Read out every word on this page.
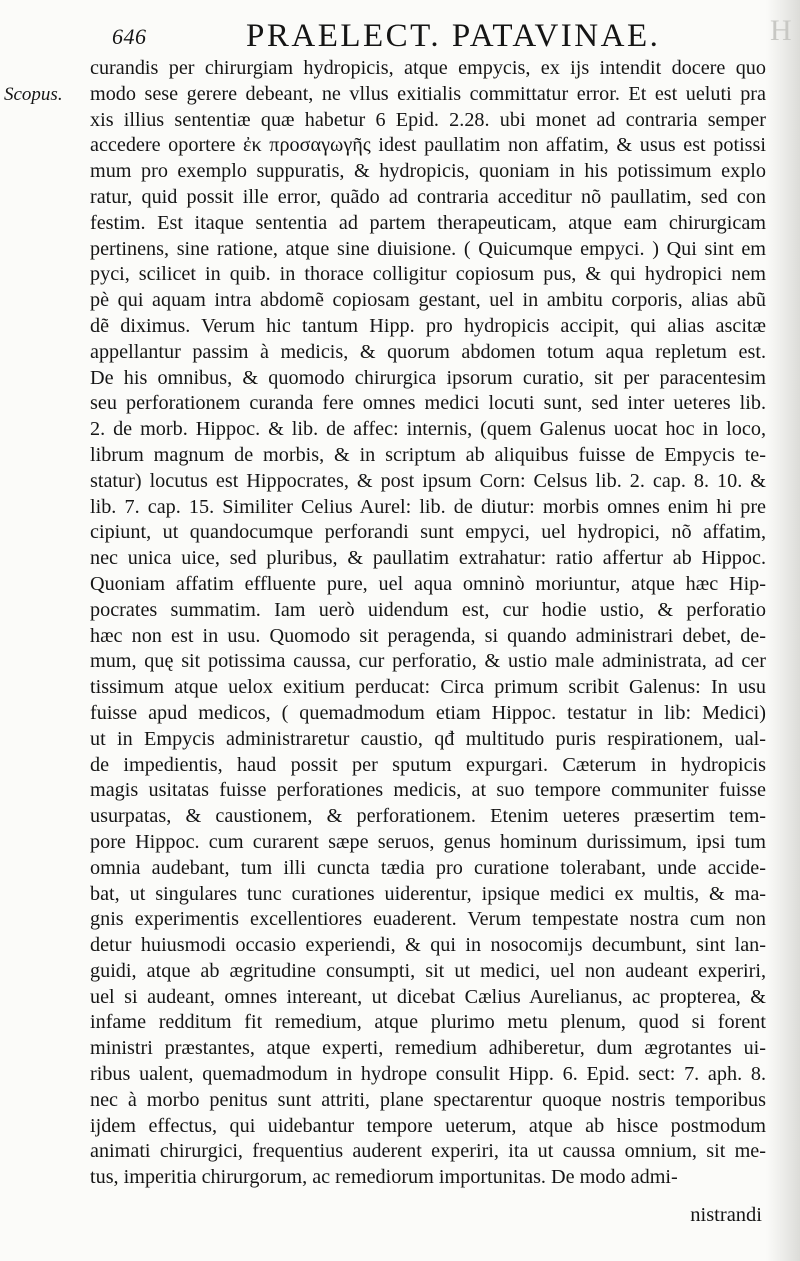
H
646	PRAELECT. PATAVINAE.
Scopus.
curandis per chirurgiam hydropicis, atque empycis, ex ijs intendit docere quo
modo sese gerere debeant, ne vllus exitialis committatur error. Et est ueluti pra
xis illius sententiæ quæ habetur 6 Epid. 2.28. ubi monet ad contraria semper
accedere oportere ἐκ προσαγωγῆς idest paullatim non affatim, & usus est potissi
mum pro exemplo suppuratis, & hydropicis, quoniam in his potissimum explo
ratur, quid possit ille error, quãdo ad contraria acceditur nõ paullatim, sed con
festim. Est itaque sententia ad partem therapeuticam, atque eam chirurgicam
pertinens, sine ratione, atque sine diuisione. ( Quicumque empyci. ) Qui sint em
pyci, scilicet in quib. in thorace colligitur copiosum pus, & qui hydropici nem
pè qui aquam intra abdomẽ copiosam gestant, uel in ambitu corporis, alias abũ
dẽ diximus. Verum hic tantum Hipp. pro hydropicis accipit, qui alias ascitæ
appellantur passim à medicis, & quorum abdomen totum aqua repletum est.
De his omnibus, & quomodo chirurgica ipsorum curatio, sit per paracentesim
seu perforationem curanda fere omnes medici locuti sunt, sed inter ueteres lib.
2. de morb. Hippoc. & lib. de affec: internis, (quem Galenus uocat hoc in loco,
librum magnum de morbis, & in scriptum ab aliquibus fuisse de Empycis te-
statur) locutus est Hippocrates, & post ipsum Corn: Celsus lib. 2. cap. 8. 10. &
lib. 7. cap. 15. Similiter Celius Aurel: lib. de diutur: morbis omnes enim hi pre
cipiunt, ut quandocumque perforandi sunt empyci, uel hydropici, nõ affatim,
nec unica uice, sed pluribus, & paullatim extrahatur: ratio affertur ab Hippoc.
Quoniam affatim effluente pure, uel aqua omninò moriuntur, atque hæc Hip-
pocrates summatim. Iam uerò uidendum est, cur hodie ustio, & perforatio
hæc non est in usu. Quomodo sit peragenda, si quando administrari debet, de-
mum, quę sit potissima caussa, cur perforatio, & ustio male administrata, ad cer
tissimum atque uelox exitium perducat: Circa primum scribit Galenus: In usu
fuisse apud medicos, ( quemadmodum etiam Hippoc. testatur in lib: Medici)
ut in Empycis administraretur caustio, qđ multitudo puris respirationem, ual-
de impedientis, haud possit per sputum expurgari. Cæterum in hydropicis
magis usitatas fuisse perforationes medicis, at suo tempore communiter fuisse
usurpatas, & caustionem, & perforationem. Etenim ueteres præsertim tem-
pore Hippoc. cum curarent sæpe seruos, genus hominum durissimum, ipsi tum
omnia audebant, tum illi cuncta tædia pro curatione tolerabant, unde accide-
bat, ut singulares tunc curationes uiderentur, ipsique medici ex multis, & ma-
gnis experimentis excellentiores euaderent. Verum tempestate nostra cum non
detur huiusmodi occasio experiendi, & qui in nosocomijs decumbunt, sint lan-
guidi, atque ab ægritudine consumpti, sit ut medici, uel non audeant experiri,
uel si audeant, omnes intereant, ut dicebat Cælius Aurelianus, ac propterea, &
infame redditum fit remedium, atque plurimo metu plenum, quod si forent
ministri præstantes, atque experti, remedium adhiberetur, dum ægrotantes ui-
ribus ualent, quemadmodum in hydrope consulit Hipp. 6. Epid. sect: 7. aph. 8.
nec à morbo penitus sunt attriti, plane spectarentur quoque nostris temporibus
ijdem effectus, qui uidebantur tempore ueterum, atque ab hisce postmodum
animati chirurgici, frequentius auderent experiri, ita ut caussa omnium, sit me-
tus, imperitia chirurgorum, ac remediorum importunitas. De modo admi-
nistrandi
